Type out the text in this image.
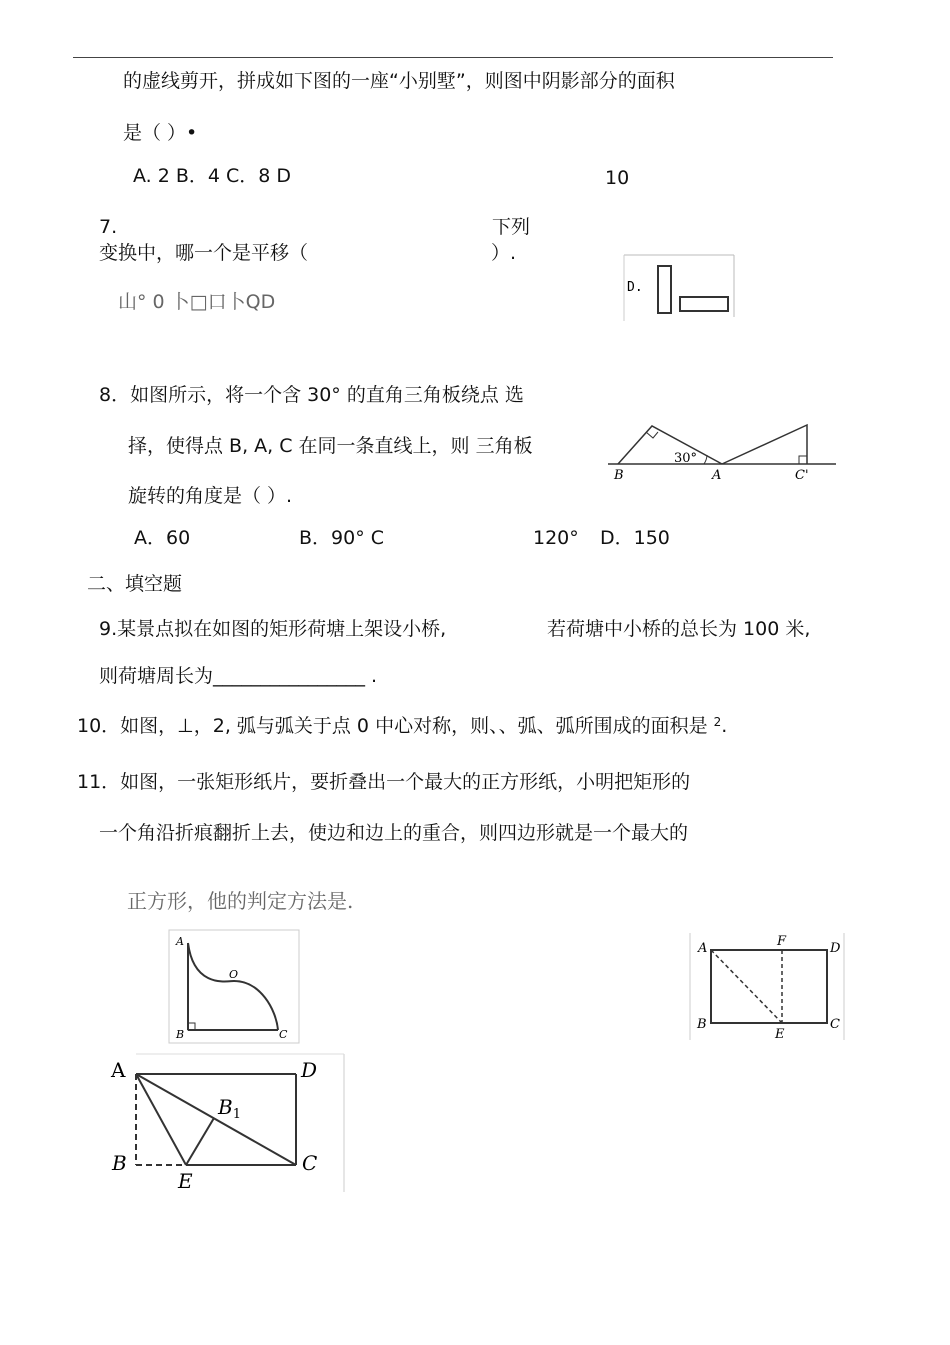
的虚线剪开，拼成如下图的一座“小别墅”，则图中阴影部分的面积
是（ ）•
A. 2 B．4 C．8 D	10
7.	下列
变换中，哪一个是平移（	）.
山° 0 卜□口卜QD
D.
8．如图所示，将一个含 30° 的直角三角板绕点 选
择，使得点 B, A, C 在同一条直线上，则 三角板
旋转的角度是（ ）.
A．60	B．90° C	120° D．150
30°
B	A	C'
二、填空题
9.某景点拟在如图的矩形荷塘上架设小桥,	若荷塘中小桥的总长为 100 米,
则荷塘周长为________________ .
10．如图，⊥，2, 弧与弧关于点 0 中心对称，则、、弧、弧所围成的面积是 $^2$.
11．如图，一张矩形纸片，要折叠出一个最大的正方形纸，小明把矩形的
一个角沿折痕翻折上去，使边和边上的重合，则四边形就是一个最大的
正方形，他的判定方法是.
A
O
B	C
A	F	D
B
E
C
A	D
$B_1$
B
E
C
